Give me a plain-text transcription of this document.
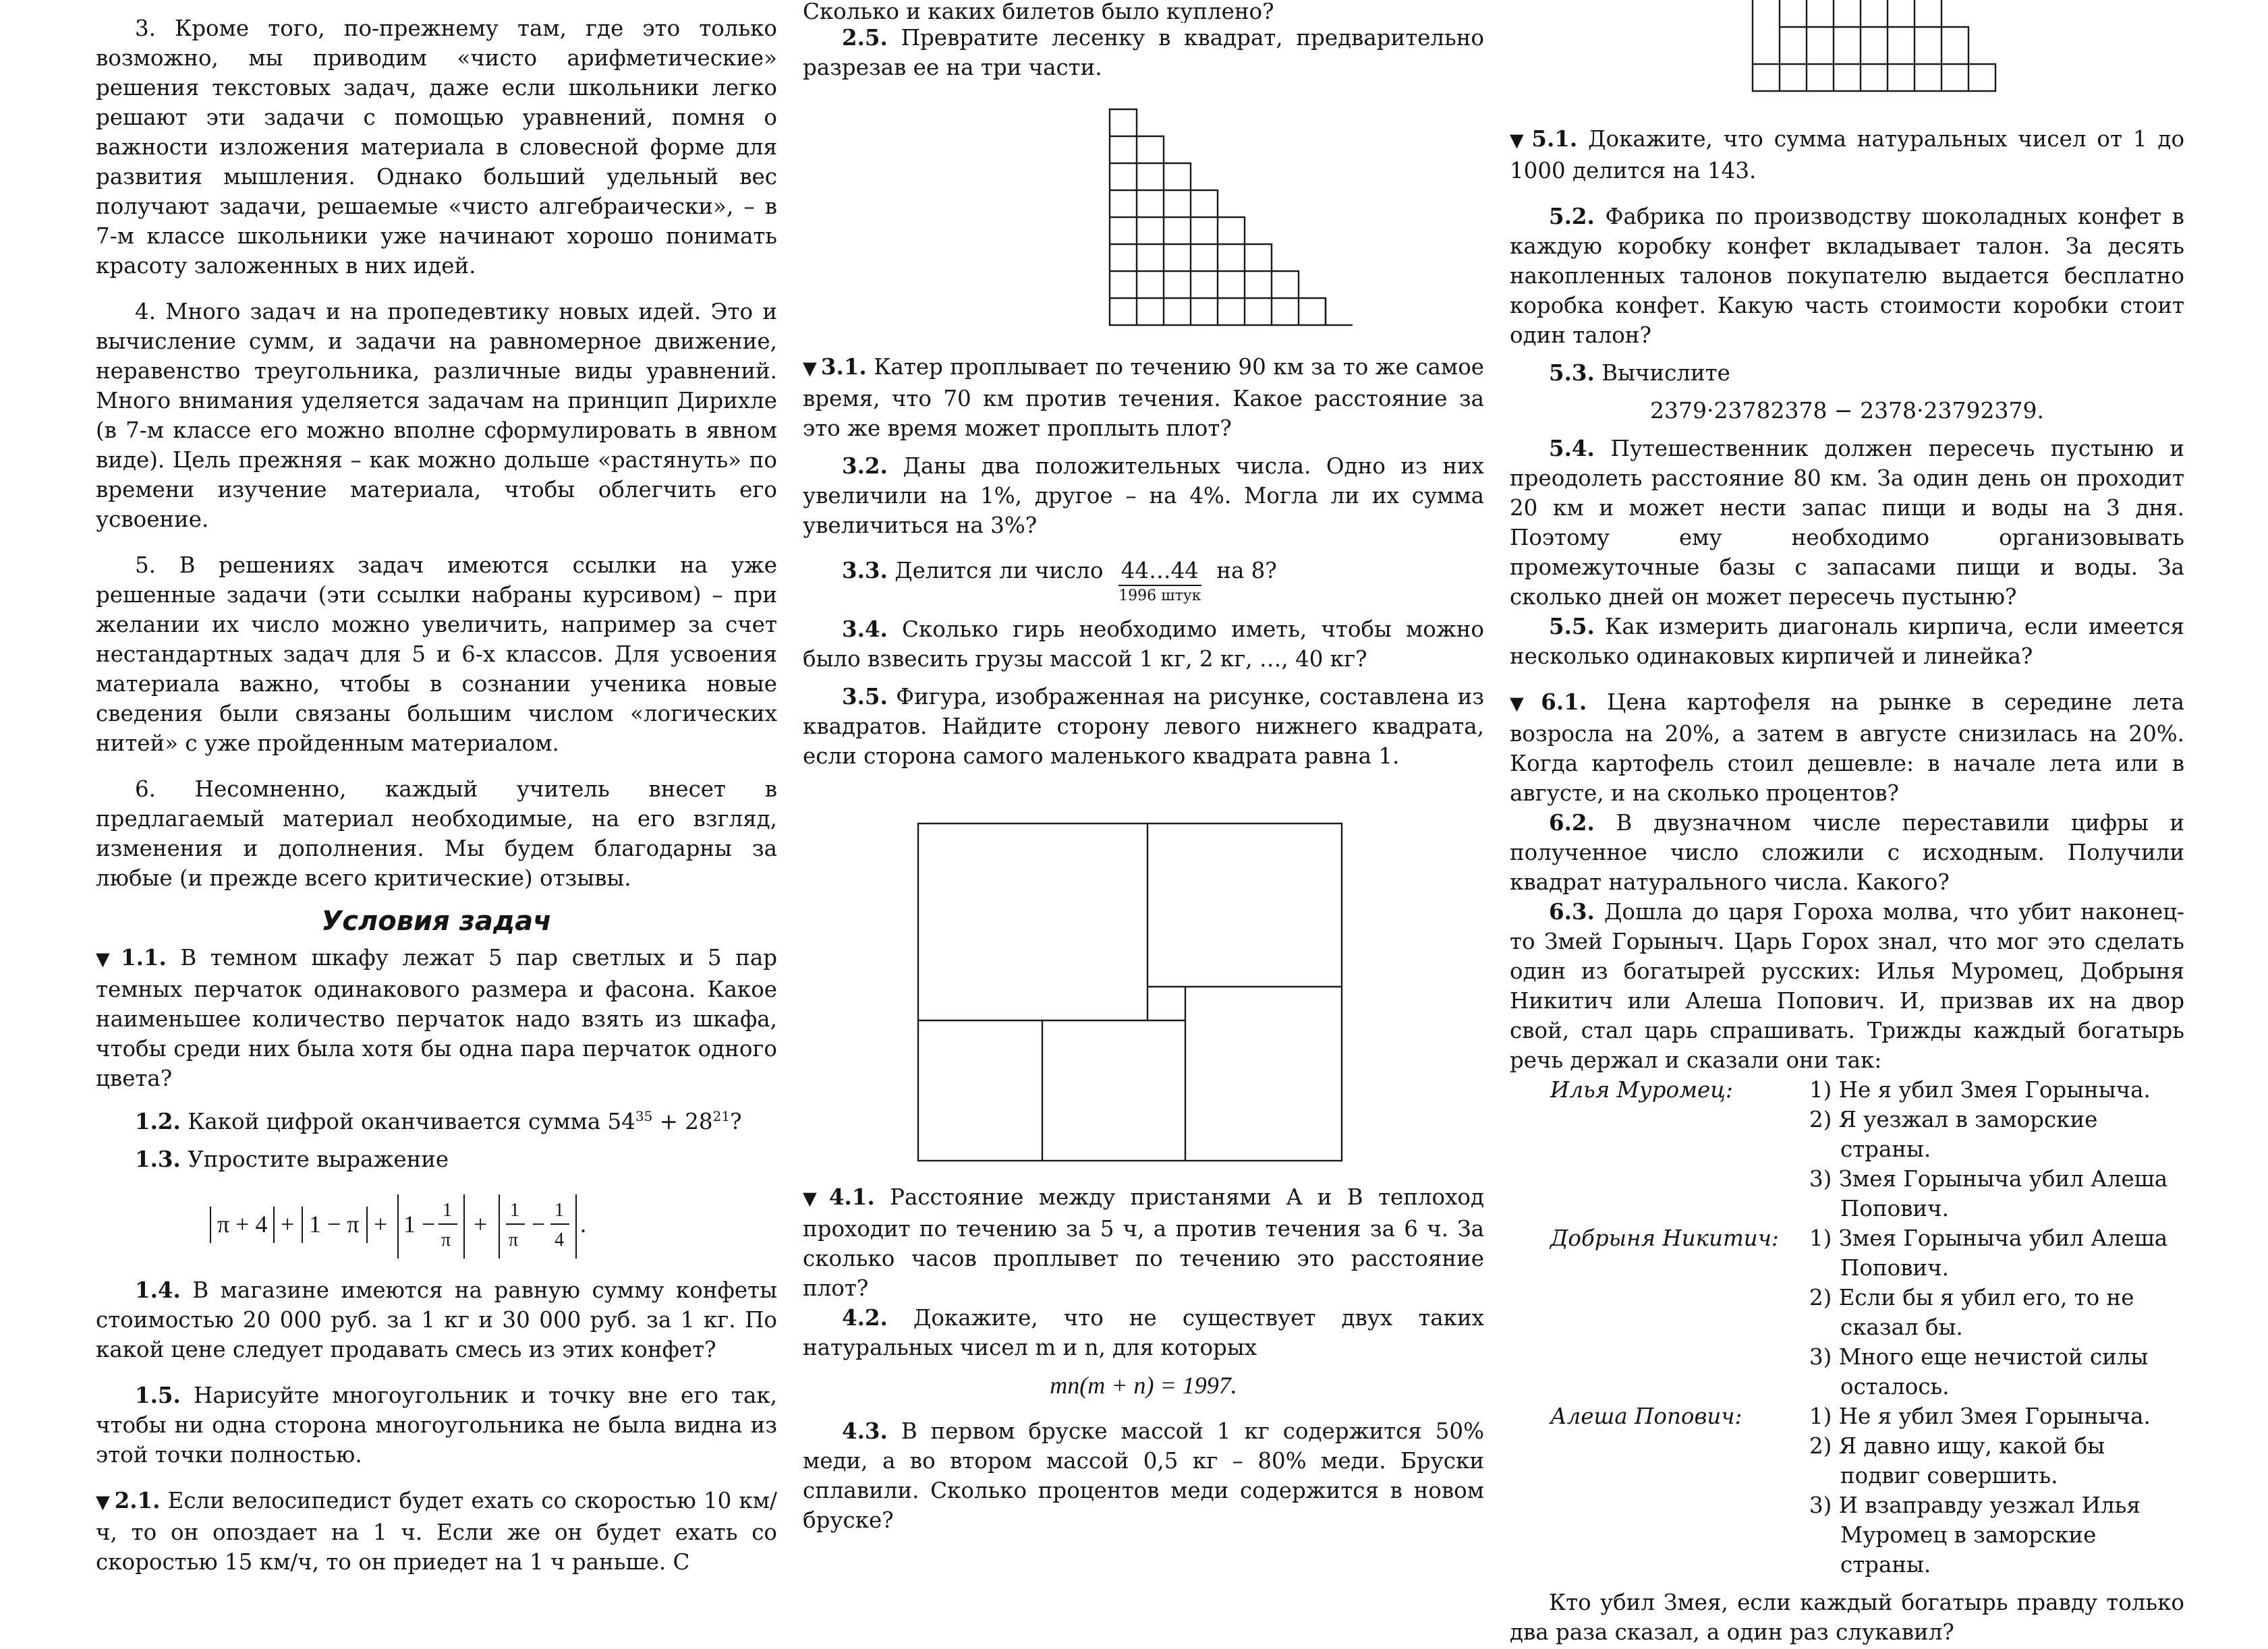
3. Кроме того, по-прежнему там, где это только возможно, мы приводим «чисто арифметические» решения текстовых задач, даже если школьники легко решают эти задачи с помощью уравнений, помня о важности изложения материала в словесной форме для развития мышления. Однако больший удельный вес получают задачи, решаемые «чисто алгебраически», – в 7-м классе школьники уже начинают хорошо понимать красоту заложенных в них идей.

4. Много задач и на пропедевтику новых идей. Это и вычисление сумм, и задачи на равномерное движение, неравенство треугольника, различные виды уравнений. Много внимания уделяется задачам на принцип Дирихле (в 7-м классе его можно вполне сформулировать в явном виде). Цель прежняя – как можно дольше «растянуть» по времени изучение материала, чтобы облегчить его усвоение.

5. В решениях задач имеются ссылки на уже решенные задачи (эти ссылки набраны курсивом) – при желании их число можно увеличить, например за счет нестандартных задач для 5 и 6-х классов. Для усвоения материала важно, чтобы в сознании ученика новые сведения были связаны большим числом «логических нитей» с уже пройденным материалом.

6. Несомненно, каждый учитель внесет в предлагаемый материал необходимые, на его взгляд, изменения и дополнения. Мы будем благодарны за любые (и прежде всего критические) отзывы.

Условия задач

▼ 1.1. В темном шкафу лежат 5 пар светлых и 5 пар темных перчаток одинакового размера и фасона. Какое наименьшее количество перчаток надо взять из шкафа, чтобы среди них была хотя бы одна пара перчаток одного цвета?

1.2. Какой цифрой оканчивается сумма $54^{35} + 28^{21}$?

1.3. Упростите выражение

π + 4 + 1 − π + 1 −
1
π
+
1
π
−
1
4
.

1.4. В магазине имеются на равную сумму конфеты стоимостью 20 000 руб. за 1 кг и 30 000 руб. за 1 кг. По какой цене следует продавать смесь из этих конфет?

1.5. Нарисуйте многоугольник и точку вне его так, чтобы ни одна сторона многоугольника не была видна из этой точки полностью.

▼ 2.1. Если велосипедист будет ехать со скоростью 10 км/ч, то он опоздает на 1 ч. Если же он будет ехать со скоростью 15 км/ч, то он приедет на 1 ч раньше. С

Сколько и каких билетов было куплено?

2.5. Превратите лесенку в квадрат, предварительно разрезав ее на три части.

▼ 3.1. Катер проплывает по течению 90 км за то же самое время, что 70 км против течения. Какое расстояние за это же время может проплыть плот?

3.2. Даны два положительных числа. Одно из них увеличили на 1%, другое – на 4%. Могла ли их сумма увеличиться на 3%?

3.3. Делится ли число 44…44
1996 штук
на 8?

3.4. Сколько гирь необходимо иметь, чтобы можно было взвесить грузы массой 1 кг, 2 кг, …, 40 кг?

3.5. Фигура, изображенная на рисунке, составлена из квадратов. Найдите сторону левого нижнего квадрата, если сторона самого маленького квадрата равна 1.

▼ 4.1. Расстояние между пристанями A и B теплоход проходит по течению за 5 ч, а против течения за 6 ч. За сколько часов проплывет по течению это расстояние плот?

4.2. Докажите, что не существует двух таких натуральных чисел m и n, для которых

mn(m + n) = 1997.

4.3. В первом бруске массой 1 кг содержится 50% меди, а во втором массой 0,5 кг – 80% меди. Бруски сплавили. Сколько процентов меди содержится в новом бруске?

▼ 5.1. Докажите, что сумма натуральных чисел от 1 до 1000 делится на 143.

5.2. Фабрика по производству шоколадных конфет в каждую коробку конфет вкладывает талон. За десять накопленных талонов покупателю выдается бесплатно коробка конфет. Какую часть стоимости коробки стоит один талон?

5.3. Вычислите

2379·23782378 − 2378·23792379.

5.4. Путешественник должен пересечь пустыню и преодолеть расстояние 80 км. За один день он проходит 20 км и может нести запас пищи и воды на 3 дня. Поэтому ему необходимо организовывать промежуточные базы с запасами пищи и воды. За сколько дней он может пересечь пустыню?

5.5. Как измерить диагональ кирпича, если имеется несколько одинаковых кирпичей и линейка?

▼ 6.1. Цена картофеля на рынке в середине лета возросла на 20%, а затем в августе снизилась на 20%. Когда картофель стоил дешевле: в начале лета или в августе, и на сколько процентов?

6.2. В двузначном числе переставили цифры и полученное число сложили с исходным. Получили квадрат натурального числа. Какого?

6.3. Дошла до царя Гороха молва, что убит наконец-то Змей Горыныч. Царь Горох знал, что мог это сделать один из богатырей русских: Илья Муромец, Добрыня Никитич или Алеша Попович. И, призвав их на двор свой, стал царь спрашивать. Трижды каждый богатырь речь держал и сказали они так:

Илья Муромец:	1) Не я убил Змея Горыныча.
2) Я уезжал в заморские страны.
3) Змея Горыныча убил Алеша Попович.
Добрыня Никитич:	1) Змея Горыныча убил Алеша Попович.
2) Если бы я убил его, то не сказал бы.
3) Много еще нечистой силы осталось.
Алеша Попович:	1) Не я убил Змея Горыныча.
2) Я давно ищу, какой бы подвиг совершить.
3) И взаправду уезжал Илья Муромец в заморские страны.

Кто убил Змея, если каждый богатырь правду только два раза сказал, а один раз слукавил?
